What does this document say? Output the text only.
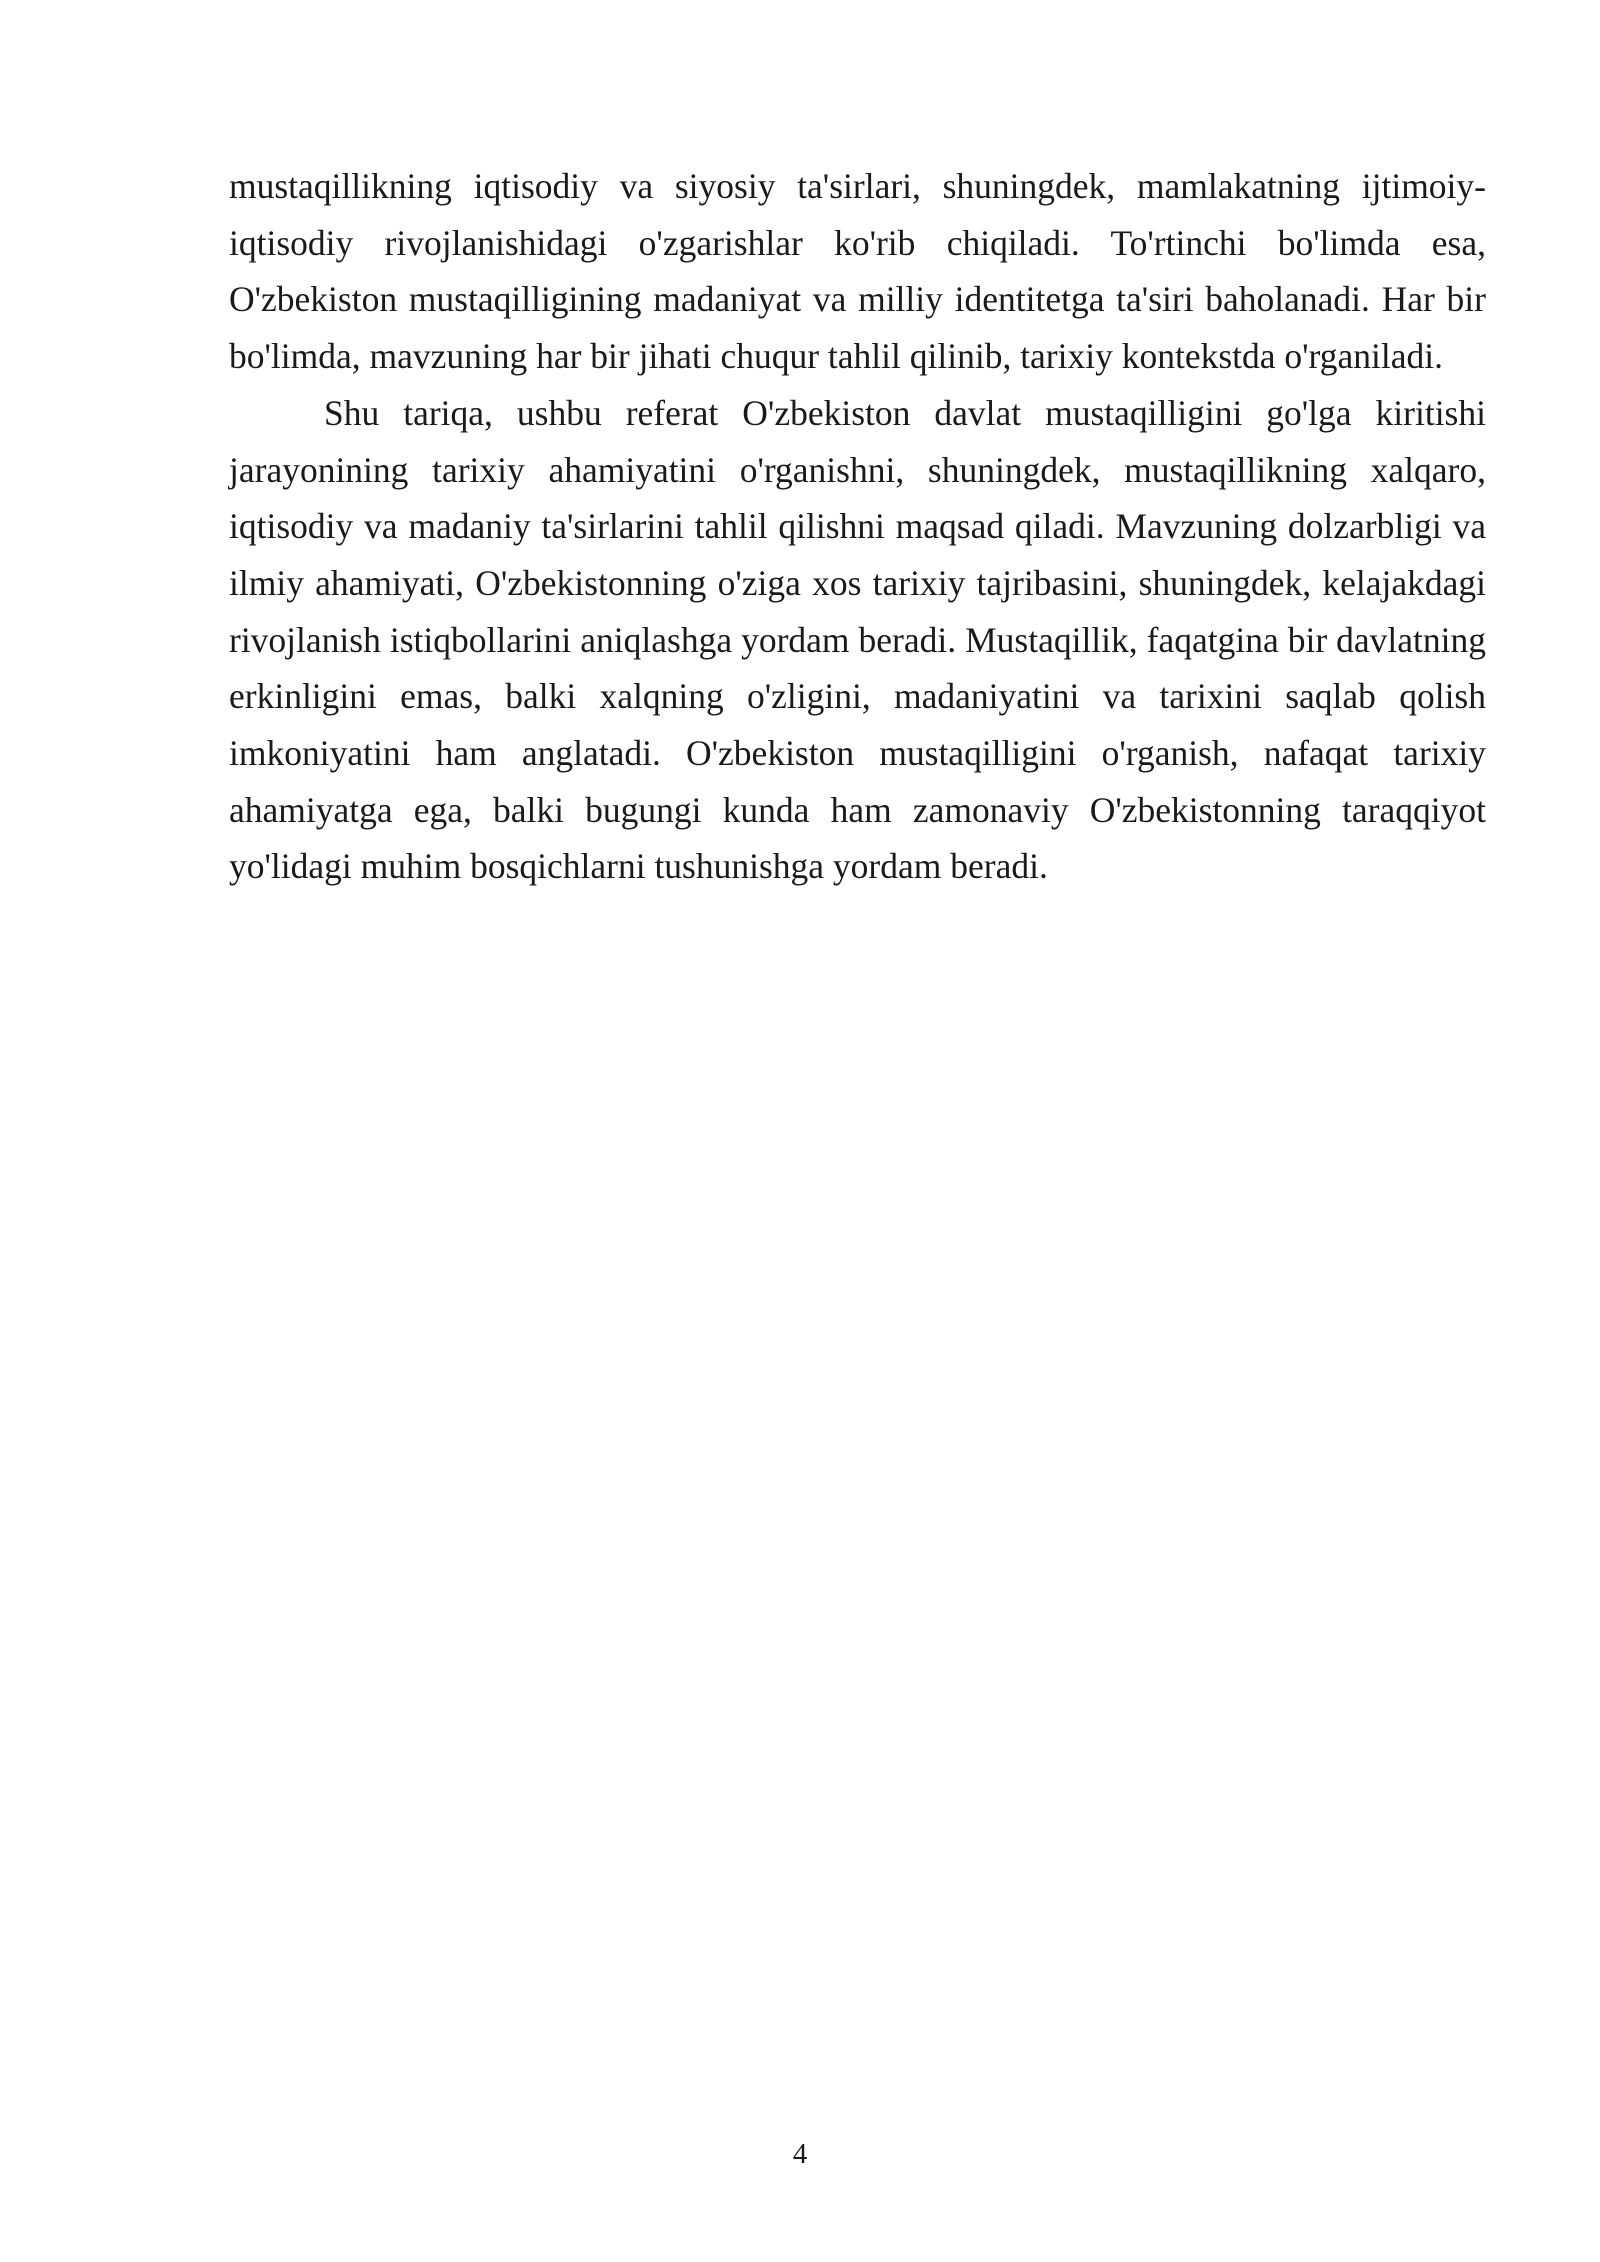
mustaqillikning iqtisodiy va siyosiy ta'sirlari, shuningdek, mamlakatning ijtimoiy-iqtisodiy rivojlanishidagi o'zgarishlar ko'rib chiqiladi. To'rtinchi bo'limda esa, O'zbekiston mustaqilligining madaniyat va milliy identitetga ta'siri baholanadi. Har bir bo'limda, mavzuning har bir jihati chuqur tahlil qilinib, tarixiy kontekstda o'rganiladi.

Shu tariqa, ushbu referat O'zbekiston davlat mustaqilligini go'lga kiritishi jarayonining tarixiy ahamiyatini o'rganishni, shuningdek, mustaqillikning xalqaro, iqtisodiy va madaniy ta'sirlarini tahlil qilishni maqsad qiladi. Mavzuning dolzarbligi va ilmiy ahamiyati, O'zbekistonning o'ziga xos tarixiy tajribasini, shuningdek, kelajakdagi rivojlanish istiqbollarini aniqlashga yordam beradi. Mustaqillik, faqatgina bir davlatning erkinligini emas, balki xalqning o'zligini, madaniyatini va tarixini saqlab qolish imkoniyatini ham anglatadi. O'zbekiston mustaqilligini o'rganish, nafaqat tarixiy ahamiyatga ega, balki bugungi kunda ham zamonaviy O'zbekistonning taraqqiyot yo'lidagi muhim bosqichlarni tushunishga yordam beradi.

4
